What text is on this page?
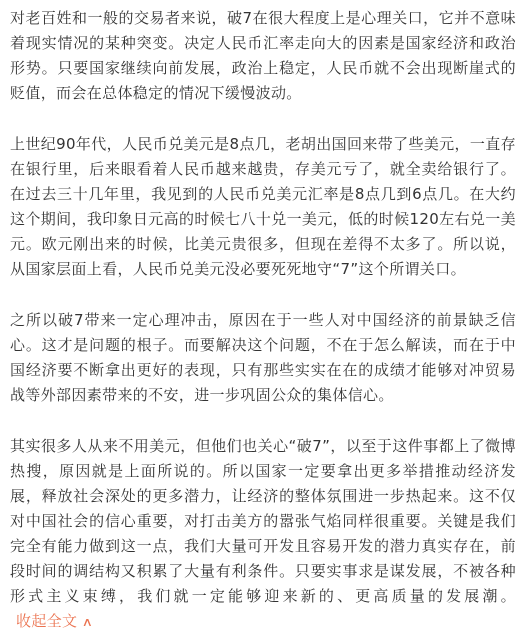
对老百姓和一般的交易者来说，破7在很大程度上是心理关口，它并不意味着现实情况的某种突变。决定人民币汇率走向大的因素是国家经济和政治形势。只要国家继续向前发展，政治上稳定，人民币就不会出现断崖式的贬值，而会在总体稳定的情况下缓慢波动。

上世纪90年代，人民币兑美元是8点几，老胡出国回来带了些美元，一直存在银行里，后来眼看着人民币越来越贵，存美元亏了，就全卖给银行了。在过去三十几年里，我见到的人民币兑美元汇率是8点几到6点几。在大约这个期间，我印象日元高的时候七八十兑一美元，低的时候120左右兑一美元。欧元刚出来的时候，比美元贵很多，但现在差得不太多了。所以说，从国家层面上看，人民币兑美元没必要死死地守“7”这个所谓关口。

之所以破7带来一定心理冲击，原因在于一些人对中国经济的前景缺乏信心。这才是问题的根子。而要解决这个问题，不在于怎么解读，而在于中国经济要不断拿出更好的表现，只有那些实实在在的成绩才能够对冲贸易战等外部因素带来的不安，进一步巩固公众的集体信心。

其实很多人从来不用美元，但他们也关心“破7”，以至于这件事都上了微博热搜，原因就是上面所说的。所以国家一定要拿出更多举措推动经济发展，释放社会深处的更多潜力，让经济的整体氛围进一步热起来。这不仅对中国社会的信心重要，对打击美方的嚣张气焰同样很重要。关键是我们完全有能力做到这一点，我们大量可开发且容易开发的潜力真实存在，前段时间的调结构又积累了大量有利条件。只要实事求是谋发展，不被各种形式主义束缚，我们就一定能够迎来新的、更高质量的发展潮。收起全文 ∧
